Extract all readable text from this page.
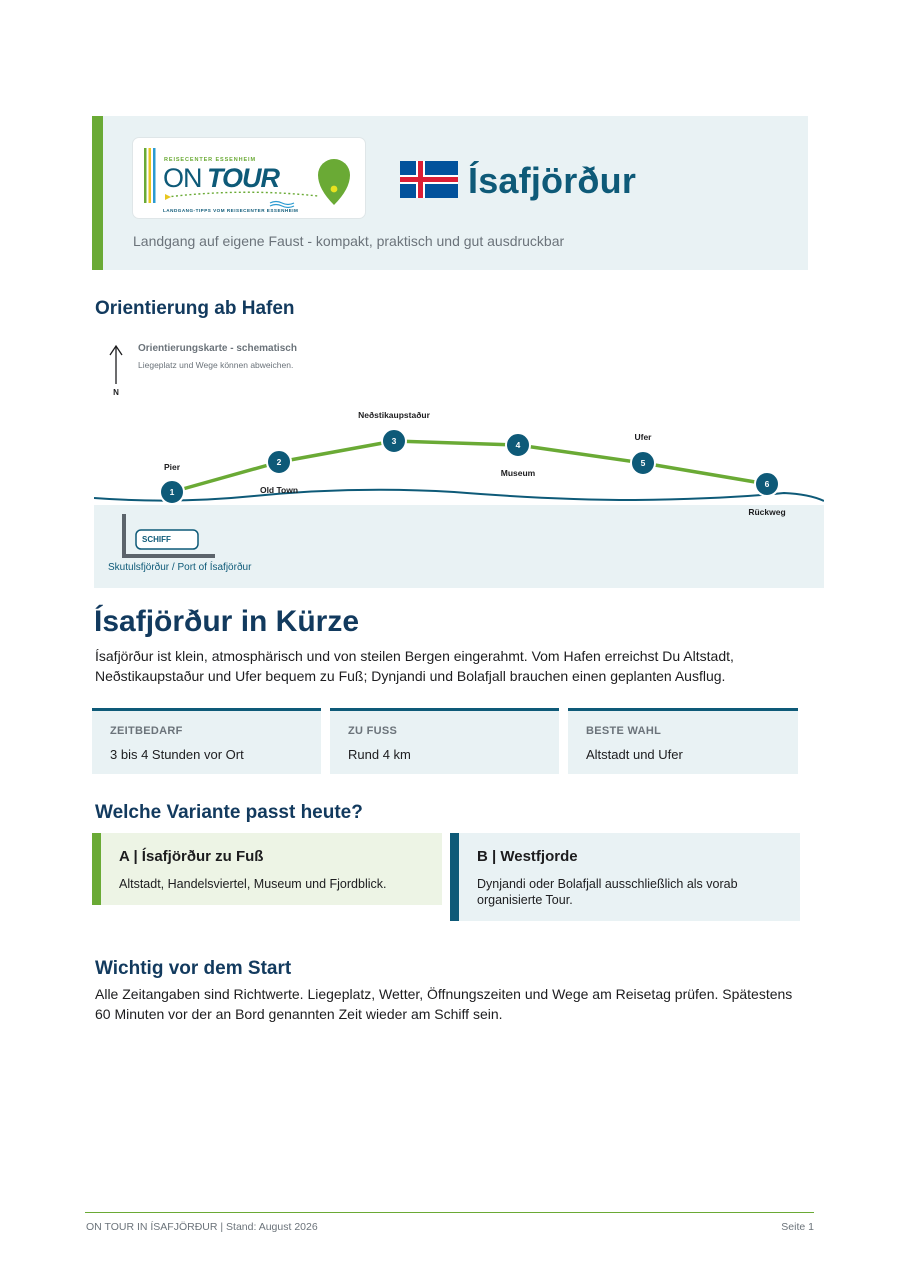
REISECENTER ESSENHEIM
ON TOUR
LANDGANG-TIPPS VOM REISECENTER ESSENHEIM
Ísafjörður
Landgang auf eigene Faust - kompakt, praktisch und gut ausdruckbar
Orientierung ab Hafen
N
Orientierungskarte - schematisch
Liegeplatz und Wege können abweichen.
1
Pier	2
Old Town
3
Neðstikaupstaður
4
Museum
5
Ufer
6
Rückweg
SCHIFF
Skutulsfjörður / Port of Ísafjörður
Ísafjörður in Kürze

Ísafjörður ist klein, atmosphärisch und von steilen Bergen eingerahmt. Vom Hafen erreichst Du Altstadt, Neðstikaupstaður und Ufer bequem zu Fuß; Dynjandi und Bolafjall brauchen einen geplanten Ausflug.

ZEITBEDARF
3 bis 4 Stunden vor Ort
ZU FUSS
Rund 4 km
BESTE WAHL
Altstadt und Ufer
Welche Variante passt heute?
A | Ísafjörður zu Fuß
Altstadt, Handelsviertel, Museum und Fjordblick.
B | Westfjorde
Dynjandi oder Bolafjall ausschließlich als vorab organisierte Tour.
Wichtig vor dem Start

Alle Zeitangaben sind Richtwerte. Liegeplatz, Wetter, Öffnungszeiten und Wege am Reisetag prüfen. Spätestens 60 Minuten vor der an Bord genannten Zeit wieder am Schiff sein.

ON TOUR IN ÍSAFJÖRÐUR | Stand: August 2026	Seite 1
